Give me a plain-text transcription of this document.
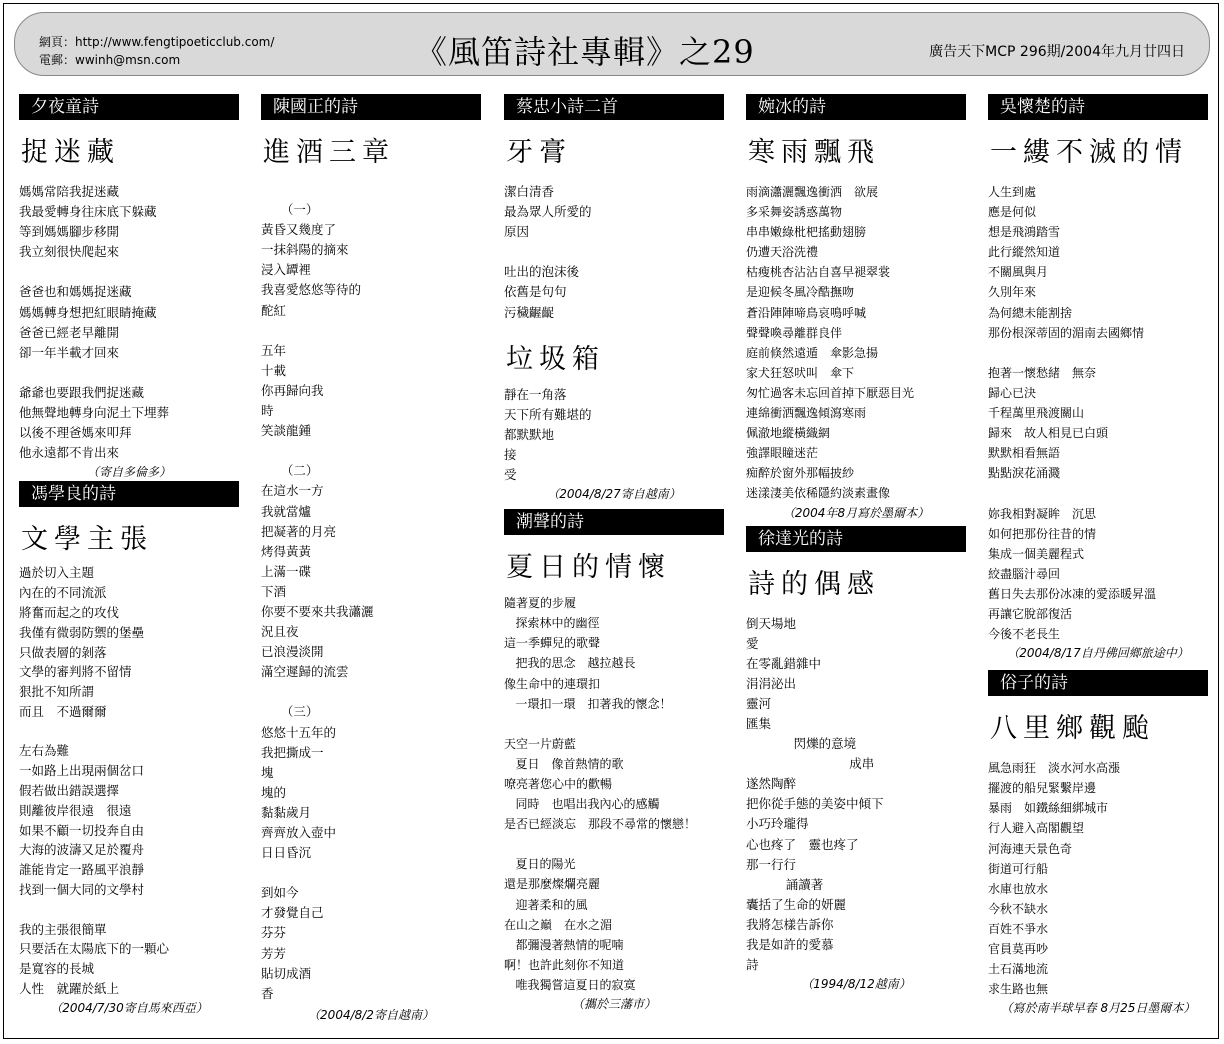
網頁：http://www.fengtipoeticclub.com/
電郵：wwinh@msn.com	《風笛詩社專輯》之29	廣告天下MCP 296期/2004年九月廿四日
夕夜童詩
捉迷藏
媽媽常陪我捉迷藏
我最愛轉身往床底下躲藏
等到媽媽腳步移開
我立刻很快爬起來

爸爸也和媽媽捉迷藏
媽媽轉身想把紅眼睛掩藏
爸爸已經老早離開
卻一年半載才回來

爺爺也要跟我們捉迷藏
他無聲地轉身向泥土下埋葬
以後不理爸媽來叩拜
他永遠都不肯出來
（寄自多倫多）
馮學良的詩
文學主張
過於切入主題
內在的不同流派
將奮而起之的攻伐
我僅有微弱防禦的堡壘
只做表層的剝落
文學的審判將不留情
狠批不知所謂
而且　不過爾爾

左右為難
一如路上出現兩個岔口
假若做出錯誤選擇
則離彼岸很遠　很遠
如果不顧一切投奔自由
大海的波濤又足於覆舟
誰能肯定一路風平浪靜
找到一個大同的文學村

我的主張很簡單
只要活在太陽底下的一顆心
是寬容的長城
人性　就躍於紙上
（2004/7/30寄自馬來西亞）
陳國正的詩
進酒三章

（一）
黃昏又幾度了
一抹斜陽的摘來
浸入罈裡
我喜愛悠悠等待的
酡紅

五年
十載
你再歸向我
時
笑談龍鍾

（二）
在這水一方
我就當爐
把凝著的月亮
烤得黃黃
上滿一碟
下酒
你要不要來共我瀟灑
況且夜
已浪漫淡開
滿空遲歸的流雲

（三）
悠悠十五年的
我把撕成一
塊
塊的
黏黏歲月
齊齊放入壺中
日日昏沉

到如今
才發覺自己
芬芬
芳芳
貼切成酒
香
（2004/8/2寄自越南）
蔡忠小詩二首
牙膏
潔白清香
最為眾人所愛的
原因

吐出的泡沫後
依舊是句句
污穢齷齪
垃圾箱
靜在一角落
天下所有難堪的
都默默地
接
受
（2004/8/27寄自越南）
潮聲的詩
夏日的情懷
隨著夏的步履
探索林中的幽徑
這一季蟬兒的歌聲
把我的思念　越拉越長
像生命中的連環扣
一環扣一環　扣著我的懷念！

天空一片蔚藍
夏日　像首熱情的歌
嘹亮著您心中的歡暢
同時　也唱出我內心的感觸
是否已經淡忘　那段不尋常的懷戀！

夏日的陽光
還是那麼燦爛亮麗
迎著柔和的風
在山之巔　在水之湄
都彌漫著熱情的呢喃
啊！也許此刻你不知道
唯我獨嘗這夏日的寂寞
（攜於三藩市）
婉冰的詩
寒雨飄飛
雨滴瀟灑飄逸衝洒　欲展
多采舞姿誘惑萬物
串串嫩綠枇杷搖動翅膀
仍遭天浴洗禮
枯瘦桃杏沾沾自喜早褪翠裳
是迎候冬風冷酷撫吻
蒼沿陣陣啼鳥哀鳴呼喊
聲聲喚尋離群良伴
庭前倏然遠遁　傘影急揚
家犬狂怒吠叫　傘下
匆忙過客未忘回首掉下厭惡目光
連綿衝洒飄逸傾瀉寒雨
佩澈地縱橫織網
強譯眼瞳迷茫
痴醉於窗外那幅披紗
迷漾淒美依稀隱約淡素畫像
（2004年8月寫於墨爾本）
徐達光的詩
詩的偶感
倒天場地
愛
在零亂錯雜中
涓涓泌出
靈河
匯集
閃爍的意境
成串
遂然陶醉
把你從手態的美姿中傾下
小巧玲瓏得
心也疼了　靈也疼了
那一行行
誦讀著
囊括了生命的妍麗
我將怎樣告訴你
我是如許的愛慕
詩
（1994/8/12越南）
吳懷楚的詩
一縷不滅的情
人生到處
應是何似
想是飛鴻踏雪
此行縱然知道
不關風與月
久別年來
為何總未能割捨
那份根深蒂固的湄南去國鄉情

抱著一懷愁緒　無奈
歸心已決
千程萬里飛渡關山
歸來　故人相見已白頭
默默相看無語
點點淚花涌濺

妳我相對凝眸　沉思
如何把那份往昔的情
集成一個美麗程式
絞盡腦汁尋回
舊日失去那份冰凍的愛添暖昇溫
再讓它脫部復活
今後不老長生
（2004/8/17自丹佛回鄉旅途中）
俗子的詩
八里鄉觀颱
風急雨狂　淡水河水高漲
擺渡的船兒緊繫岸邊
暴雨　如鐵絲細綁城市
行人避入高閣觀望
河海連天景色奇
街道可行船
水庫也放水
今秋不缺水
百姓不爭水
官員莫再吵
土石滿地流
求生路也無
（寫於南半球早春 8月25日墨爾本）
